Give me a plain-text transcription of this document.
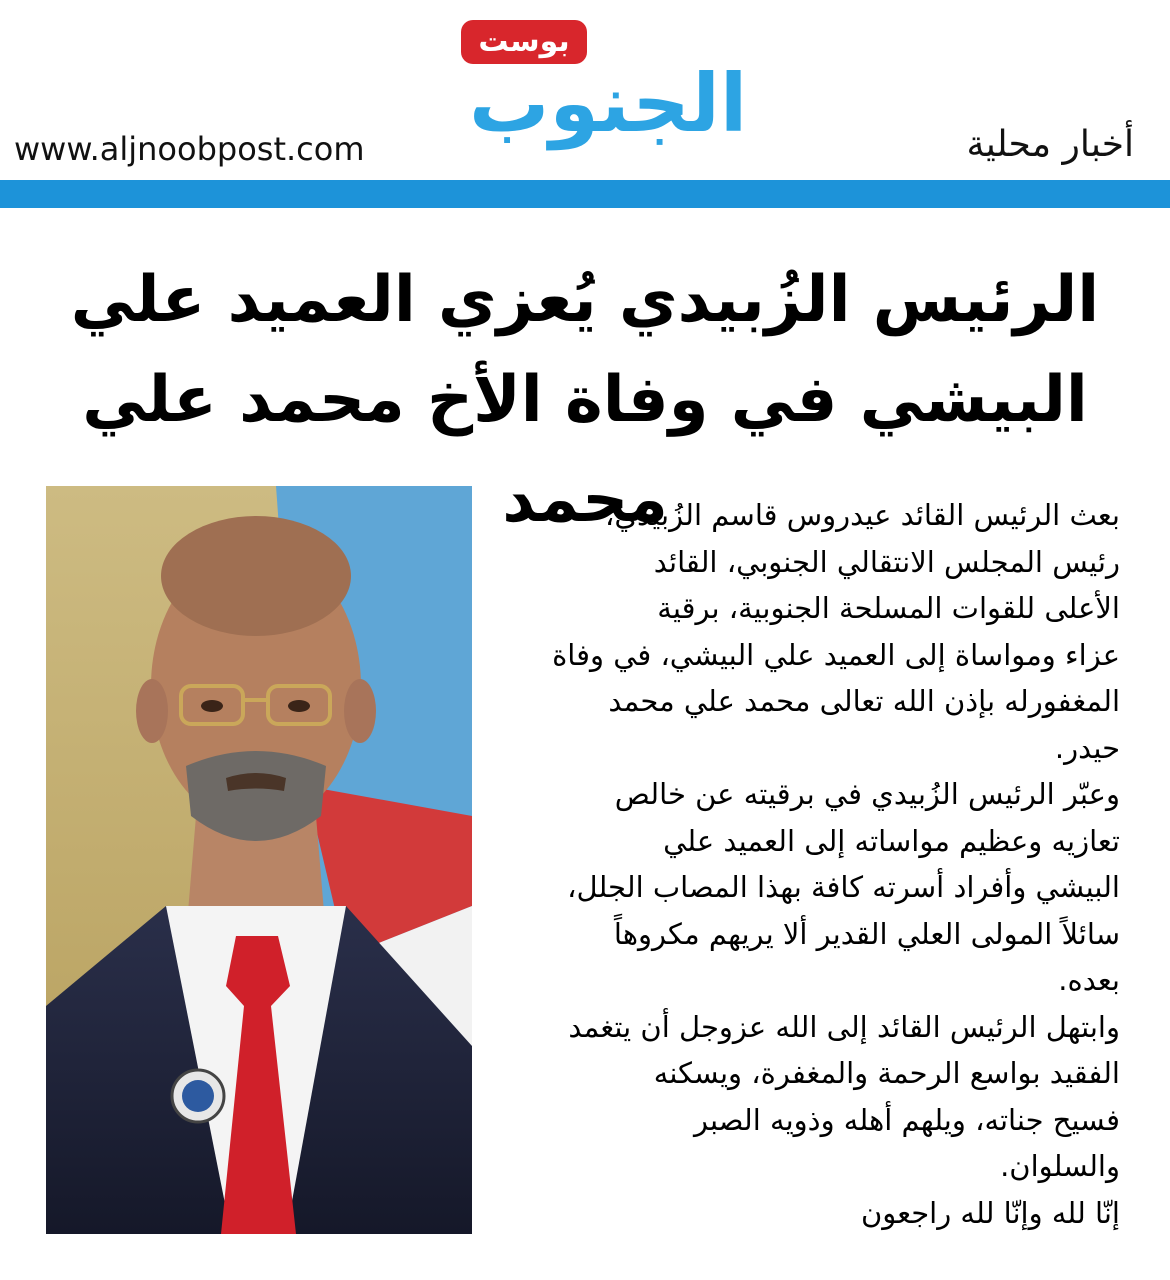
بوست
الجنوب
www.aljnoobpost.com	أخبار محلية
الرئيس الزُبيدي يُعزي العميد علي
البيشي في وفاة الأخ محمد علي محمد

بعث الرئيس القائد عيدروس قاسم الزُبيدي،

رئيس المجلس الانتقالي الجنوبي، القائد

الأعلى للقوات المسلحة الجنوبية، برقية

عزاء ومواساة إلى العميد علي البيشي، في وفاة

المغفورله بإذن الله تعالى محمد علي محمد

حيدر.

وعبّر الرئيس الزُبيدي في برقيته عن خالص

تعازيه وعظيم مواساته إلى العميد علي

البيشي وأفراد أسرته كافة بهذا المصاب الجلل،

سائلاً المولى العلي القدير ألا يريهم مكروهاً

بعده.

وابتهل الرئيس القائد إلى الله عزوجل أن يتغمد

الفقيد بواسع الرحمة والمغفرة، ويسكنه

فسيح جناته، ويلهم أهله وذويه الصبر

والسلوان.

إنّا لله وإنّا لله راجعون
